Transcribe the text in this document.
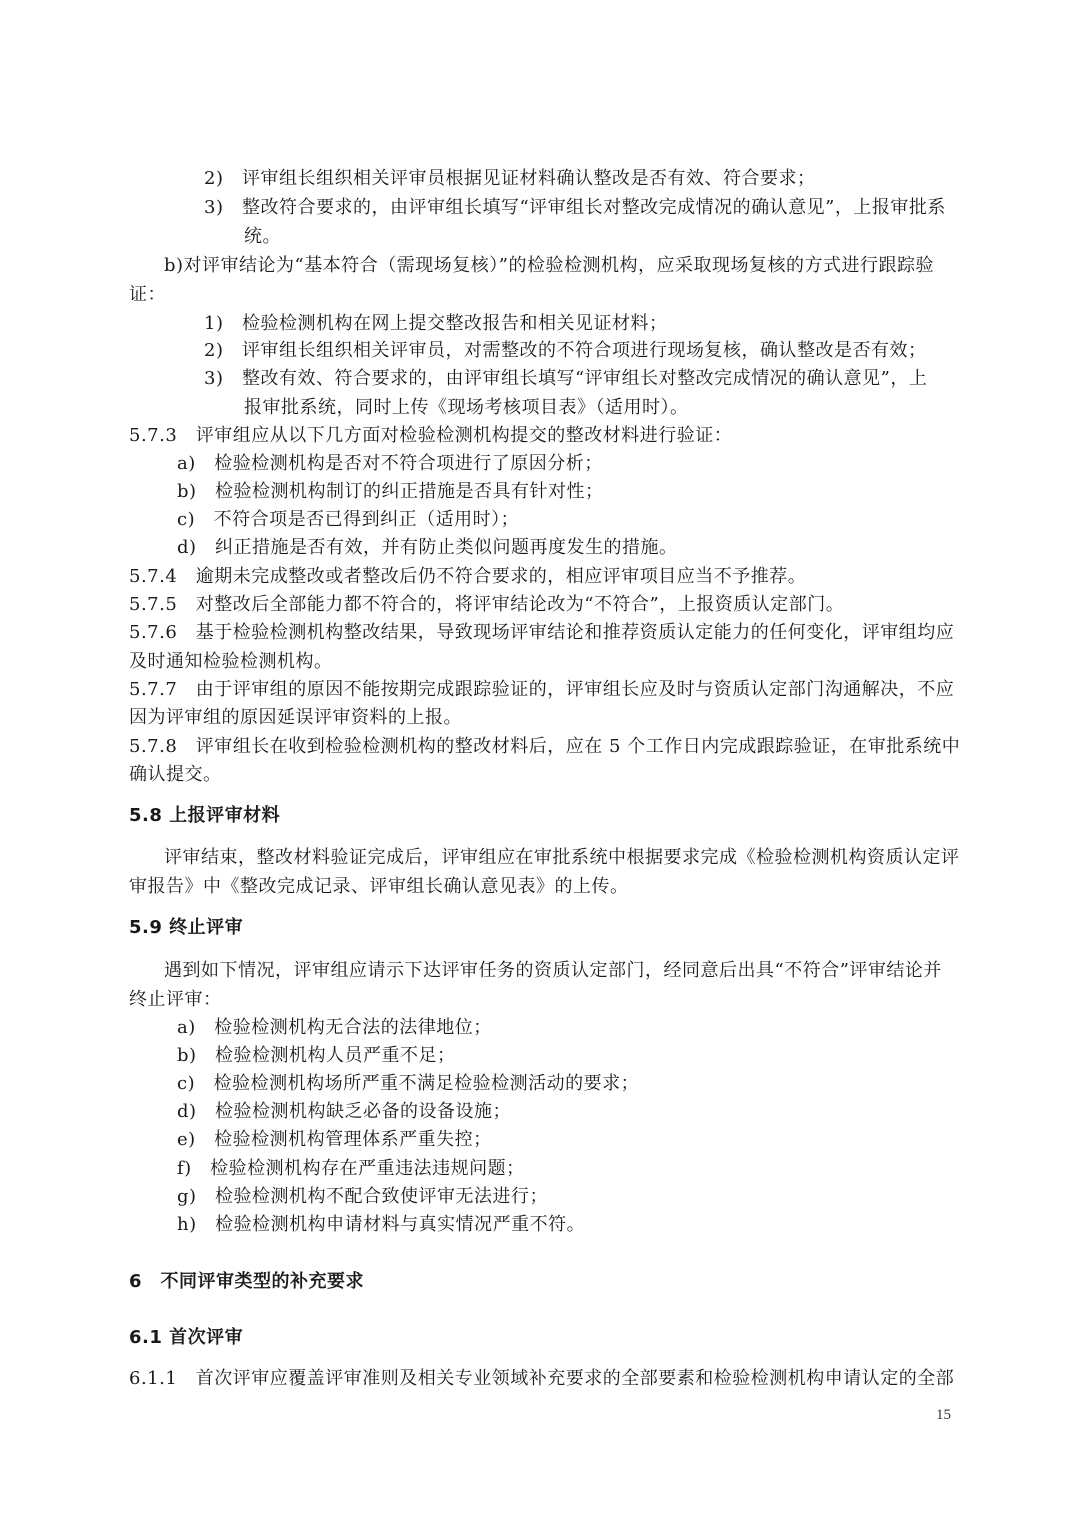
2)　评审组长组织相关评审员根据见证材料确认整改是否有效、符合要求；
3)　整改符合要求的，由评审组长填写“评审组长对整改完成情况的确认意见”，上报审批系
统。
b)对评审结论为“基本符合（需现场复核）”的检验检测机构，应采取现场复核的方式进行跟踪验
证：
1)　检验检测机构在网上提交整改报告和相关见证材料；
2)　评审组长组织相关评审员，对需整改的不符合项进行现场复核，确认整改是否有效；
3)　整改有效、符合要求的，由评审组长填写“评审组长对整改完成情况的确认意见”，上
报审批系统，同时上传《现场考核项目表》（适用时）。
5.7.3　评审组应从以下几方面对检验检测机构提交的整改材料进行验证：
a)　检验检测机构是否对不符合项进行了原因分析；
b)　检验检测机构制订的纠正措施是否具有针对性；
c)　不符合项是否已得到纠正（适用时）；
d)　纠正措施是否有效，并有防止类似问题再度发生的措施。
5.7.4　逾期未完成整改或者整改后仍不符合要求的，相应评审项目应当不予推荐。
5.7.5　对整改后全部能力都不符合的，将评审结论改为“不符合”，上报资质认定部门。
5.7.6　基于检验检测机构整改结果，导致现场评审结论和推荐资质认定能力的任何变化，评审组均应
及时通知检验检测机构。
5.7.7　由于评审组的原因不能按期完成跟踪验证的，评审组长应及时与资质认定部门沟通解决，不应
因为评审组的原因延误评审资料的上报。
5.7.8　评审组长在收到检验检测机构的整改材料后，应在 5 个工作日内完成跟踪验证，在审批系统中
确认提交。
5.8 上报评审材料
评审结束，整改材料验证完成后，评审组应在审批系统中根据要求完成《检验检测机构资质认定评
审报告》中《整改完成记录、评审组长确认意见表》的上传。
5.9 终止评审
遇到如下情况，评审组应请示下达评审任务的资质认定部门，经同意后出具“不符合”评审结论并
终止评审：
a)　检验检测机构无合法的法律地位；
b)　检验检测机构人员严重不足；
c)　检验检测机构场所严重不满足检验检测活动的要求；
d)　检验检测机构缺乏必备的设备设施；
e)　检验检测机构管理体系严重失控；
f)　检验检测机构存在严重违法违规问题；
g)　检验检测机构不配合致使评审无法进行；
h)　检验检测机构申请材料与真实情况严重不符。
6　不同评审类型的补充要求
6.1 首次评审
6.1.1　首次评审应覆盖评审准则及相关专业领域补充要求的全部要素和检验检测机构申请认定的全部
15
